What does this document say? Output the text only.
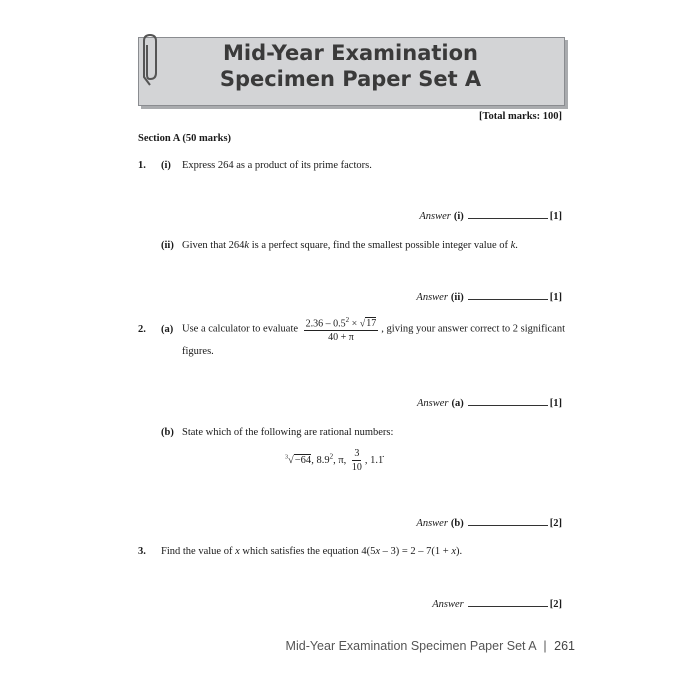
Mid-Year Examination
Specimen Paper Set A
[Total marks: 100]
Section A (50 marks)
1. (i) Express 264 as a product of its prime factors.
Answer (i)	[1]
(ii) Given that 264k is a perfect square, find the smallest possible integer value of k.
Answer (ii)	[1]
2. (a) Use a calculator to evaluate $\frac{2.36 - 0.5^2 \times √17}{40 + \pi}$ , giving your answer correct to 2 significant
figures.
Answer (a)	[1]
(b) State which of the following are rational numbers:
$^3$√−64, $8.9^2$, π, $\frac{3}{10}$ , 1.1̇
Answer (b)	[2]
3. Find the value of x which satisfies the equation 4(5x – 3) = 2 – 7(1 + x).
Answer	[2]
Mid-Year Examination Specimen Paper Set A | 261
